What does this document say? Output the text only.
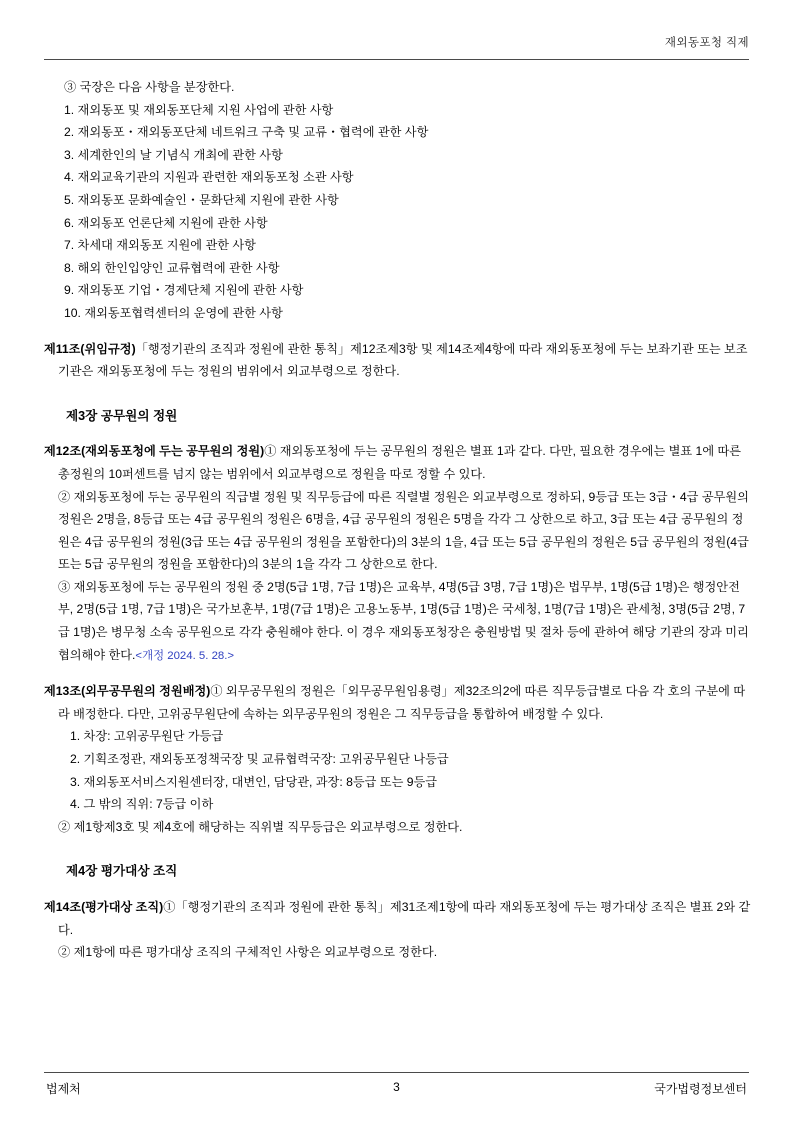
재외동포청 직제
③ 국장은 다음 사항을 분장한다.
1. 재외동포 및 재외동포단체 지원 사업에 관한 사항
2. 재외동포・재외동포단체 네트워크 구축 및 교류・협력에 관한 사항
3. 세계한인의 날 기념식 개최에 관한 사항
4. 재외교육기관의 지원과 관련한 재외동포청 소관 사항
5. 재외동포 문화예술인・문화단체 지원에 관한 사항
6. 재외동포 언론단체 지원에 관한 사항
7. 차세대 재외동포 지원에 관한 사항
8. 해외 한인입양인 교류협력에 관한 사항
9. 재외동포 기업・경제단체 지원에 관한 사항
10. 재외동포협력센터의 운영에 관한 사항

제11조(위임규정)「행정기관의 조직과 정원에 관한 통칙」제12조제3항 및 제14조제4항에 따라 재외동포청에 두는 보좌기관 또는 보조기관은 재외동포청에 두는 정원의 범위에서 외교부령으로 정한다.

제3장 공무원의 정원

제12조(재외동포청에 두는 공무원의 정원)① 재외동포청에 두는 공무원의 정원은 별표 1과 같다. 다만, 필요한 경우에는 별표 1에 따른 총정원의 10퍼센트를 넘지 않는 범위에서 외교부령으로 정원을 따로 정할 수 있다.

② 재외동포청에 두는 공무원의 직급별 정원 및 직무등급에 따른 직렬별 정원은 외교부령으로 정하되, 9등급 또는 3급・4급 공무원의 정원은 2명을, 8등급 또는 4급 공무원의 정원은 6명을, 4급 공무원의 정원은 5명을 각각 그 상한으로 하고, 3급 또는 4급 공무원의 정원은 4급 공무원의 정원(3급 또는 4급 공무원의 정원을 포함한다)의 3분의 1을, 4급 또는 5급 공무원의 정원은 5급 공무원의 정원(4급 또는 5급 공무원의 정원을 포함한다)의 3분의 1을 각각 그 상한으로 한다.

③ 재외동포청에 두는 공무원의 정원 중 2명(5급 1명, 7급 1명)은 교육부, 4명(5급 3명, 7급 1명)은 법무부, 1명(5급 1명)은 행정안전부, 2명(5급 1명, 7급 1명)은 국가보훈부, 1명(7급 1명)은 고용노동부, 1명(5급 1명)은 국세청, 1명(7급 1명)은 관세청, 3명(5급 2명, 7급 1명)은 병무청 소속 공무원으로 각각 충원해야 한다. 이 경우 재외동포청장은 충원방법 및 절차 등에 관하여 해당 기관의 장과 미리 협의해야 한다.<개정 2024. 5. 28.>

제13조(외무공무원의 정원배정)① 외무공무원의 정원은「외무공무원임용령」제32조의2에 따른 직무등급별로 다음 각 호의 구분에 따라 배정한다. 다만, 고위공무원단에 속하는 외무공무원의 정원은 그 직무등급을 통합하여 배정할 수 있다.

1. 차장: 고위공무원단 가등급
2. 기획조정관, 재외동포정책국장 및 교류협력국장: 고위공무원단 나등급
3. 재외동포서비스지원센터장, 대변인, 담당관, 과장: 8등급 또는 9등급
4. 그 밖의 직위: 7등급 이하

② 제1항제3호 및 제4호에 해당하는 직위별 직무등급은 외교부령으로 정한다.

제4장 평가대상 조직

제14조(평가대상 조직)①「행정기관의 조직과 정원에 관한 통칙」제31조제1항에 따라 재외동포청에 두는 평가대상 조직은 별표 2와 같다.

② 제1항에 따른 평가대상 조직의 구체적인 사항은 외교부령으로 정한다.

법제처	3	국가법령정보센터
